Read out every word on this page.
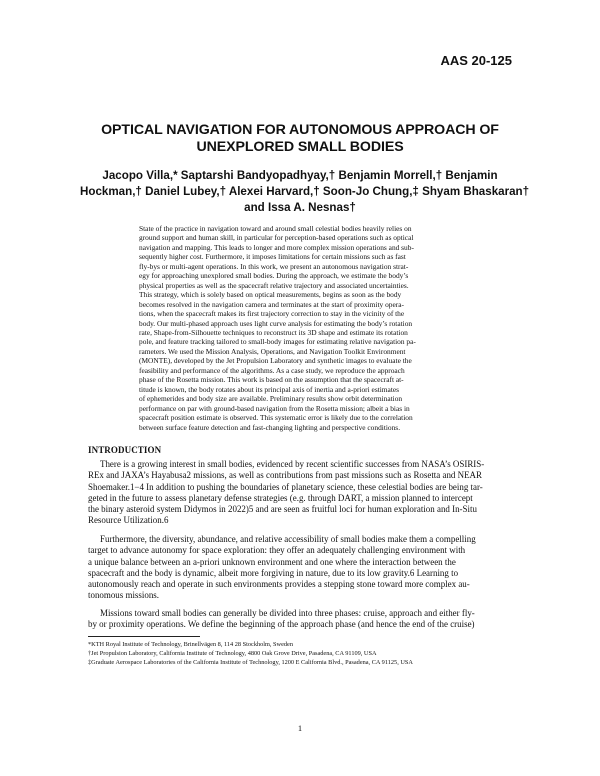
AAS 20-125
OPTICAL NAVIGATION FOR AUTONOMOUS APPROACH OF
UNEXPLORED SMALL BODIES
Jacopo Villa,* Saptarshi Bandyopadhyay,† Benjamin Morrell,† Benjamin
Hockman,† Daniel Lubey,† Alexei Harvard,† Soon-Jo Chung,‡ Shyam Bhaskaran†
and Issa A. Nesnas†
State of the practice in navigation toward and around small celestial bodies heavily relies on
ground support and human skill, in particular for perception-based operations such as optical
navigation and mapping. This leads to longer and more complex mission operations and sub-
sequently higher cost. Furthermore, it imposes limitations for certain missions such as fast
fly-bys or multi-agent operations. In this work, we present an autonomous navigation strat-
egy for approaching unexplored small bodies. During the approach, we estimate the body’s
physical properties as well as the spacecraft relative trajectory and associated uncertainties.
This strategy, which is solely based on optical measurements, begins as soon as the body
becomes resolved in the navigation camera and terminates at the start of proximity opera-
tions, when the spacecraft makes its first trajectory correction to stay in the vicinity of the
body. Our multi-phased approach uses light curve analysis for estimating the body’s rotation
rate, Shape-from-Silhouette techniques to reconstruct its 3D shape and estimate its rotation
pole, and feature tracking tailored to small-body images for estimating relative navigation pa-
rameters. We used the Mission Analysis, Operations, and Navigation Toolkit Environment
(MONTE), developed by the Jet Propulsion Laboratory and synthetic images to evaluate the
feasibility and performance of the algorithms. As a case study, we reproduce the approach
phase of the Rosetta mission. This work is based on the assumption that the spacecraft at-
titude is known, the body rotates about its principal axis of inertia and a-priori estimates
of ephemerides and body size are available. Preliminary results show orbit determination
performance on par with ground-based navigation from the Rosetta mission; albeit a bias in
spacecraft position estimate is observed. This systematic error is likely due to the correlation
between surface feature detection and fast-changing lighting and perspective conditions.
INTRODUCTION
There is a growing interest in small bodies, evidenced by recent scientific successes from NASA’s OSIRIS-
REx and JAXA’s Hayabusa2 missions, as well as contributions from past missions such as Rosetta and NEAR
Shoemaker.1−4 In addition to pushing the boundaries of planetary science, these celestial bodies are being tar-
geted in the future to assess planetary defense strategies (e.g. through DART, a mission planned to intercept
the binary asteroid system Didymos in 2022)5 and are seen as fruitful loci for human exploration and In-Situ
Resource Utilization.6
Furthermore, the diversity, abundance, and relative accessibility of small bodies make them a compelling
target to advance autonomy for space exploration: they offer an adequately challenging environment with
a unique balance between an a-priori unknown environment and one where the interaction between the
spacecraft and the body is dynamic, albeit more forgiving in nature, due to its low gravity.6 Learning to
autonomously reach and operate in such environments provides a stepping stone toward more complex au-
tonomous missions.
Missions toward small bodies can generally be divided into three phases: cruise, approach and either fly-
by or proximity operations. We define the beginning of the approach phase (and hence the end of the cruise)
*KTH Royal Institute of Technology, Brinellvägen 8, 114 28 Stockholm, Sweden
†Jet Propulsion Laboratory, California Institute of Technology, 4800 Oak Grove Drive, Pasadena, CA 91109, USA
‡Graduate Aerospace Laboratories of the California Institute of Technology, 1200 E California Blvd., Pasadena, CA 91125, USA
1
